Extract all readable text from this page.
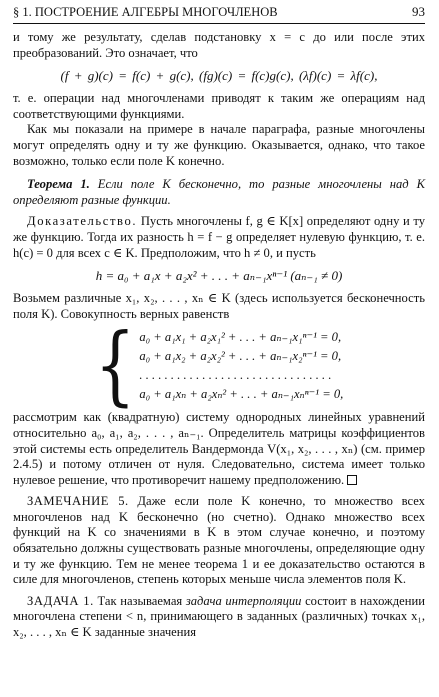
§ 1. ПОСТРОЕНИЕ АЛГЕБРЫ МНОГОЧЛЕНОВ	93

и тому же результату, сделав подстановку x = c до или после этих преобразований. Это означает, что

(f + g)(c) = f(c) + g(c), (fg)(c) = f(c)g(c), (λf)(c) = λf(c),

т. е. операции над многочленами приводят к таким же операциям над соответствующими функциями.

Как мы показали на примере в начале параграфа, разные многочлены могут определять одну и ту же функцию. Оказывается, однако, что такое возможно, только если поле K конечно.

Теорема 1. Если поле K бесконечно, то разные многочлены над K определяют разные функции.

Доказательство. Пусть многочлены f, g ∈ K[x] определяют одну и ту же функцию. Тогда их разность h = f − g определяет нулевую функцию, т. е. h(c) = 0 для всех c ∈ K. Предположим, что h ≠ 0, и пусть

h = a₀ + a₁x + a₂x² + . . . + aₙ₋₁xⁿ⁻¹ (aₙ₋₁ ≠ 0)

Возьмем различные x₁, x₂, . . . , xₙ ∈ K (здесь используется бесконечность поля K). Совокупность верных равенств

{ a₀ + a₁x₁ + a₂x₁² + . . . + aₙ₋₁x₁ⁿ⁻¹ = 0,
a₀ + a₁x₂ + a₂x₂² + . . . + aₙ₋₁x₂ⁿ⁻¹ = 0,
. . . . . . . . . . . . . . . . . . . . . . . . . . . . . . .
a₀ + a₁xₙ + a₂xₙ² + . . . + aₙ₋₁xₙⁿ⁻¹ = 0,

рассмотрим как (квадратную) систему однородных линейных уравнений относительно a₀, a₁, a₂, . . . , aₙ₋₁. Определитель матрицы коэффициентов этой системы есть определитель Вандермонда V(x₁, x₂, . . . , xₙ) (см. пример 2.4.5) и потому отличен от нуля. Следовательно, система имеет только нулевое решение, что противоречит нашему предположению.

ЗАМЕЧАНИЕ 5. Даже если поле K конечно, то множество всех многочленов над K бесконечно (но счетно). Однако множество всех функций на K со значениями в K в этом случае конечно, и поэтому обязательно должны существовать разные многочлены, определяющие одну и ту же функцию. Тем не менее теорема 1 и ее доказательство остаются в силе для многочленов, степень которых меньше числа элементов поля K.

ЗАДАЧА 1. Так называемая задача интерполяции состоит в нахождении многочлена степени < n, принимающего в заданных (различных) точках x₁, x₂, . . . , xₙ ∈ K заданные значения
